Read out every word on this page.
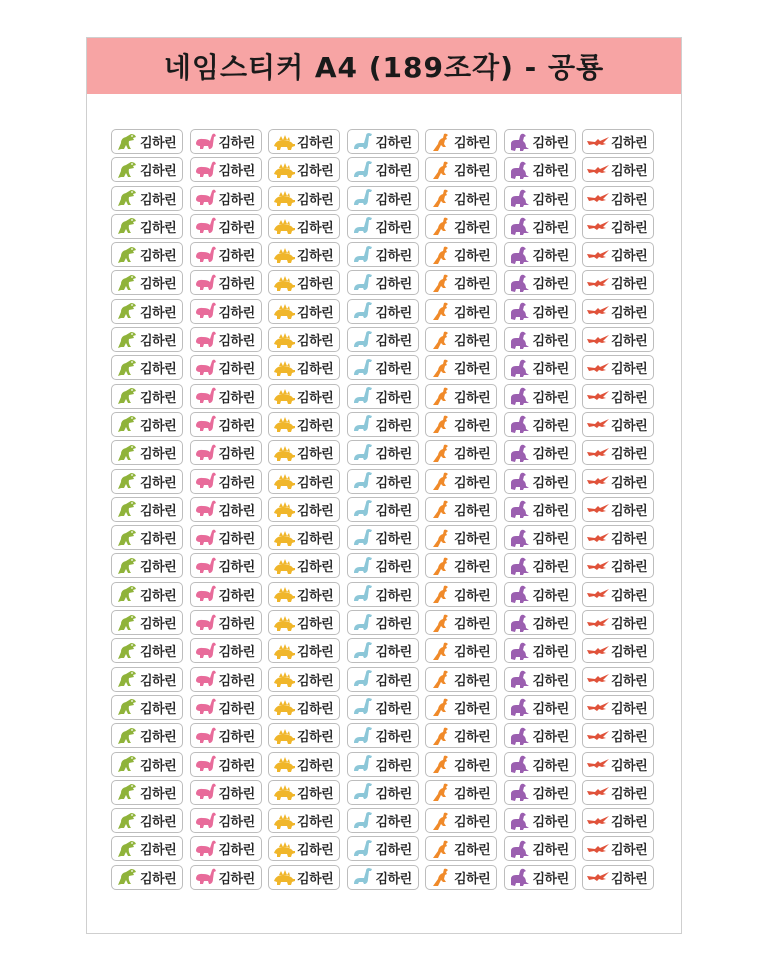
네임스티커 A4 (189조각) - 공룡
김하린	김하린	김하린	김하린	김하린	김하린	김하린
김하린	김하린	김하린	김하린	김하린	김하린	김하린
김하린	김하린	김하린	김하린	김하린	김하린	김하린
김하린	김하린	김하린	김하린	김하린	김하린	김하린
김하린	김하린	김하린	김하린	김하린	김하린	김하린
김하린	김하린	김하린	김하린	김하린	김하린	김하린
김하린	김하린	김하린	김하린	김하린	김하린	김하린
김하린	김하린	김하린	김하린	김하린	김하린	김하린
김하린	김하린	김하린	김하린	김하린	김하린	김하린
김하린	김하린	김하린	김하린	김하린	김하린	김하린
김하린	김하린	김하린	김하린	김하린	김하린	김하린
김하린	김하린	김하린	김하린	김하린	김하린	김하린
김하린	김하린	김하린	김하린	김하린	김하린	김하린
김하린	김하린	김하린	김하린	김하린	김하린	김하린
김하린	김하린	김하린	김하린	김하린	김하린	김하린
김하린	김하린	김하린	김하린	김하린	김하린	김하린
김하린	김하린	김하린	김하린	김하린	김하린	김하린
김하린	김하린	김하린	김하린	김하린	김하린	김하린
김하린	김하린	김하린	김하린	김하린	김하린	김하린
김하린	김하린	김하린	김하린	김하린	김하린	김하린
김하린	김하린	김하린	김하린	김하린	김하린	김하린
김하린	김하린	김하린	김하린	김하린	김하린	김하린
김하린	김하린	김하린	김하린	김하린	김하린	김하린
김하린	김하린	김하린	김하린	김하린	김하린	김하린
김하린	김하린	김하린	김하린	김하린	김하린	김하린
김하린	김하린	김하린	김하린	김하린	김하린	김하린
김하린	김하린	김하린	김하린	김하린	김하린	김하린
